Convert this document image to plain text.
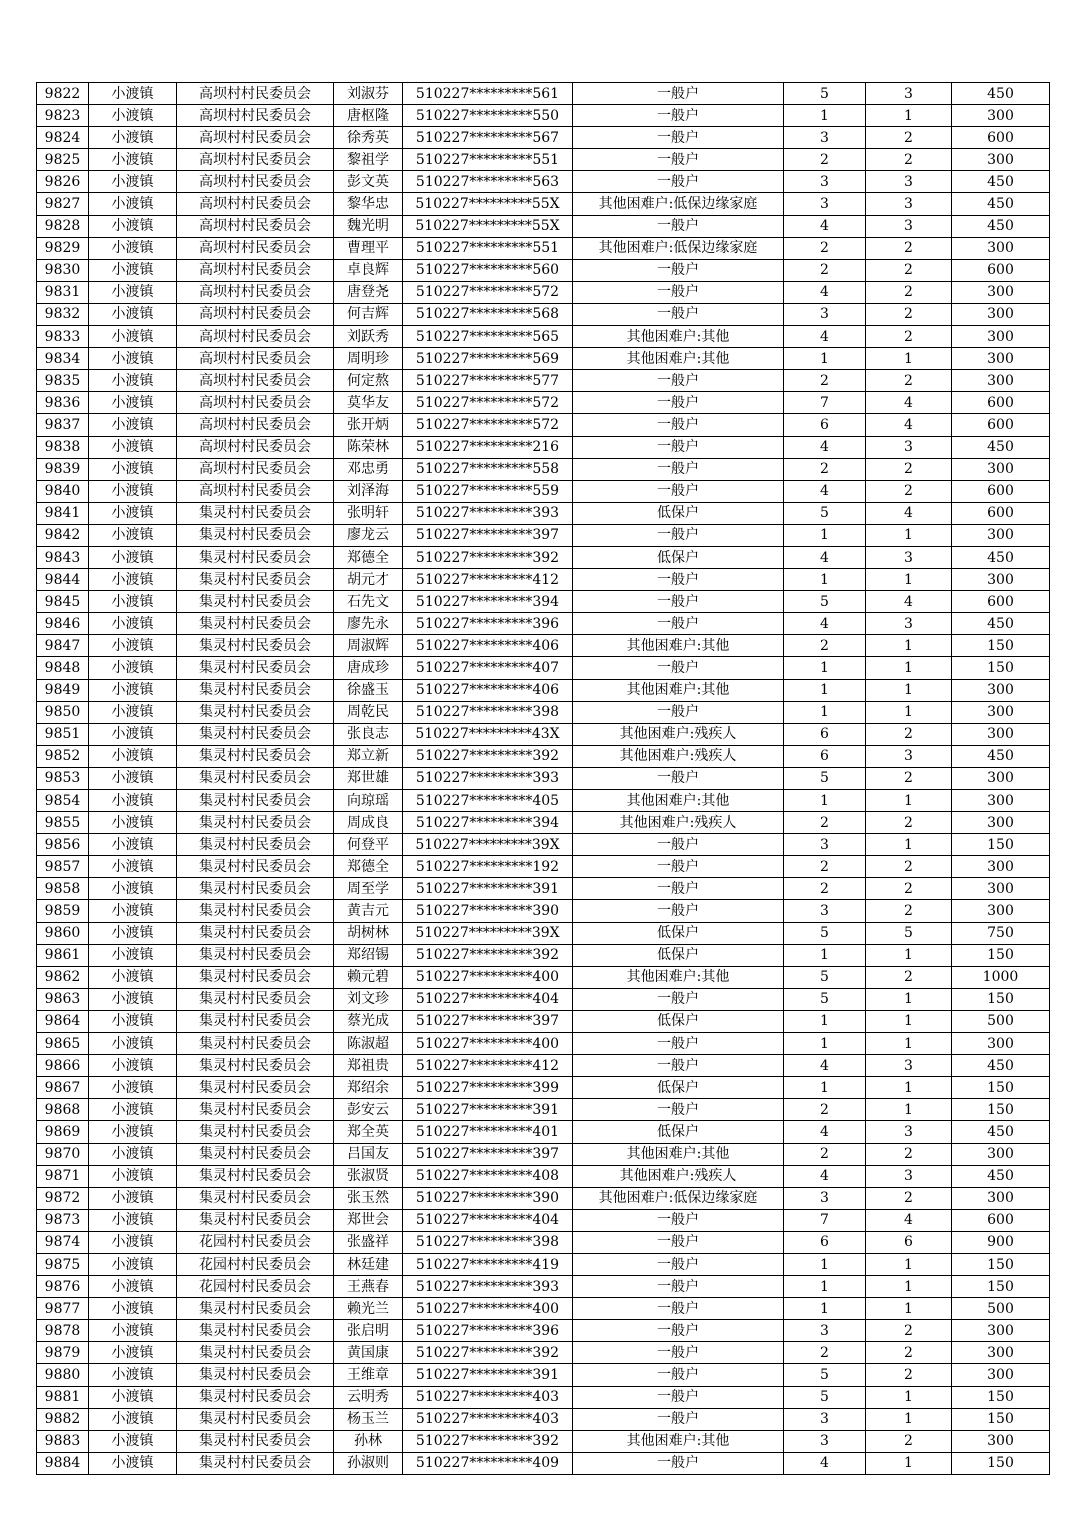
9822	小渡镇	高坝村村民委员会	刘淑芬	510227*********561	一般户	5	3	450
9823	小渡镇	高坝村村民委员会	唐枢隆	510227*********550	一般户	1	1	300
9824	小渡镇	高坝村村民委员会	徐秀英	510227*********567	一般户	3	2	600
9825	小渡镇	高坝村村民委员会	黎祖学	510227*********551	一般户	2	2	300
9826	小渡镇	高坝村村民委员会	彭文英	510227*********563	一般户	3	3	450
9827	小渡镇	高坝村村民委员会	黎华忠	510227*********55X	其他困难户:低保边缘家庭	3	3	450
9828	小渡镇	高坝村村民委员会	魏光明	510227*********55X	一般户	4	3	450
9829	小渡镇	高坝村村民委员会	曹理平	510227*********551	其他困难户:低保边缘家庭	2	2	300
9830	小渡镇	高坝村村民委员会	卓良辉	510227*********560	一般户	2	2	600
9831	小渡镇	高坝村村民委员会	唐登尧	510227*********572	一般户	4	2	300
9832	小渡镇	高坝村村民委员会	何吉辉	510227*********568	一般户	3	2	300
9833	小渡镇	高坝村村民委员会	刘跃秀	510227*********565	其他困难户:其他	4	2	300
9834	小渡镇	高坝村村民委员会	周明珍	510227*********569	其他困难户:其他	1	1	300
9835	小渡镇	高坝村村民委员会	何定熬	510227*********577	一般户	2	2	300
9836	小渡镇	高坝村村民委员会	莫华友	510227*********572	一般户	7	4	600
9837	小渡镇	高坝村村民委员会	张开炳	510227*********572	一般户	6	4	600
9838	小渡镇	高坝村村民委员会	陈荣林	510227*********216	一般户	4	3	450
9839	小渡镇	高坝村村民委员会	邓忠勇	510227*********558	一般户	2	2	300
9840	小渡镇	高坝村村民委员会	刘泽海	510227*********559	一般户	4	2	600
9841	小渡镇	集灵村村民委员会	张明轩	510227*********393	低保户	5	4	600
9842	小渡镇	集灵村村民委员会	廖龙云	510227*********397	一般户	1	1	300
9843	小渡镇	集灵村村民委员会	郑德全	510227*********392	低保户	4	3	450
9844	小渡镇	集灵村村民委员会	胡元才	510227*********412	一般户	1	1	300
9845	小渡镇	集灵村村民委员会	石先文	510227*********394	一般户	5	4	600
9846	小渡镇	集灵村村民委员会	廖先永	510227*********396	一般户	4	3	450
9847	小渡镇	集灵村村民委员会	周淑辉	510227*********406	其他困难户:其他	2	1	150
9848	小渡镇	集灵村村民委员会	唐成珍	510227*********407	一般户	1	1	150
9849	小渡镇	集灵村村民委员会	徐盛玉	510227*********406	其他困难户:其他	1	1	300
9850	小渡镇	集灵村村民委员会	周乾民	510227*********398	一般户	1	1	300
9851	小渡镇	集灵村村民委员会	张良志	510227*********43X	其他困难户:残疾人	6	2	300
9852	小渡镇	集灵村村民委员会	郑立新	510227*********392	其他困难户:残疾人	6	3	450
9853	小渡镇	集灵村村民委员会	郑世雄	510227*********393	一般户	5	2	300
9854	小渡镇	集灵村村民委员会	向琼瑶	510227*********405	其他困难户:其他	1	1	300
9855	小渡镇	集灵村村民委员会	周成良	510227*********394	其他困难户:残疾人	2	2	300
9856	小渡镇	集灵村村民委员会	何登平	510227*********39X	一般户	3	1	150
9857	小渡镇	集灵村村民委员会	郑德全	510227*********192	一般户	2	2	300
9858	小渡镇	集灵村村民委员会	周至学	510227*********391	一般户	2	2	300
9859	小渡镇	集灵村村民委员会	黄吉元	510227*********390	一般户	3	2	300
9860	小渡镇	集灵村村民委员会	胡树林	510227*********39X	低保户	5	5	750
9861	小渡镇	集灵村村民委员会	郑绍锡	510227*********392	低保户	1	1	150
9862	小渡镇	集灵村村民委员会	赖元碧	510227*********400	其他困难户:其他	5	2	1000
9863	小渡镇	集灵村村民委员会	刘文珍	510227*********404	一般户	5	1	150
9864	小渡镇	集灵村村民委员会	蔡光成	510227*********397	低保户	1	1	500
9865	小渡镇	集灵村村民委员会	陈淑超	510227*********400	一般户	1	1	300
9866	小渡镇	集灵村村民委员会	郑祖贵	510227*********412	一般户	4	3	450
9867	小渡镇	集灵村村民委员会	郑绍余	510227*********399	低保户	1	1	150
9868	小渡镇	集灵村村民委员会	彭安云	510227*********391	一般户	2	1	150
9869	小渡镇	集灵村村民委员会	郑全英	510227*********401	低保户	4	3	450
9870	小渡镇	集灵村村民委员会	吕国友	510227*********397	其他困难户:其他	2	2	300
9871	小渡镇	集灵村村民委员会	张淑贤	510227*********408	其他困难户:残疾人	4	3	450
9872	小渡镇	集灵村村民委员会	张玉然	510227*********390	其他困难户:低保边缘家庭	3	2	300
9873	小渡镇	集灵村村民委员会	郑世会	510227*********404	一般户	7	4	600
9874	小渡镇	花园村村民委员会	张盛祥	510227*********398	一般户	6	6	900
9875	小渡镇	花园村村民委员会	林廷建	510227*********419	一般户	1	1	150
9876	小渡镇	花园村村民委员会	王燕春	510227*********393	一般户	1	1	150
9877	小渡镇	集灵村村民委员会	赖光兰	510227*********400	一般户	1	1	500
9878	小渡镇	集灵村村民委员会	张启明	510227*********396	一般户	3	2	300
9879	小渡镇	集灵村村民委员会	黄国康	510227*********392	一般户	2	2	300
9880	小渡镇	集灵村村民委员会	王维章	510227*********391	一般户	5	2	300
9881	小渡镇	集灵村村民委员会	云明秀	510227*********403	一般户	5	1	150
9882	小渡镇	集灵村村民委员会	杨玉兰	510227*********403	一般户	3	1	150
9883	小渡镇	集灵村村民委员会	孙林	510227*********392	其他困难户:其他	3	2	300
9884	小渡镇	集灵村村民委员会	孙淑则	510227*********409	一般户	4	1	150
